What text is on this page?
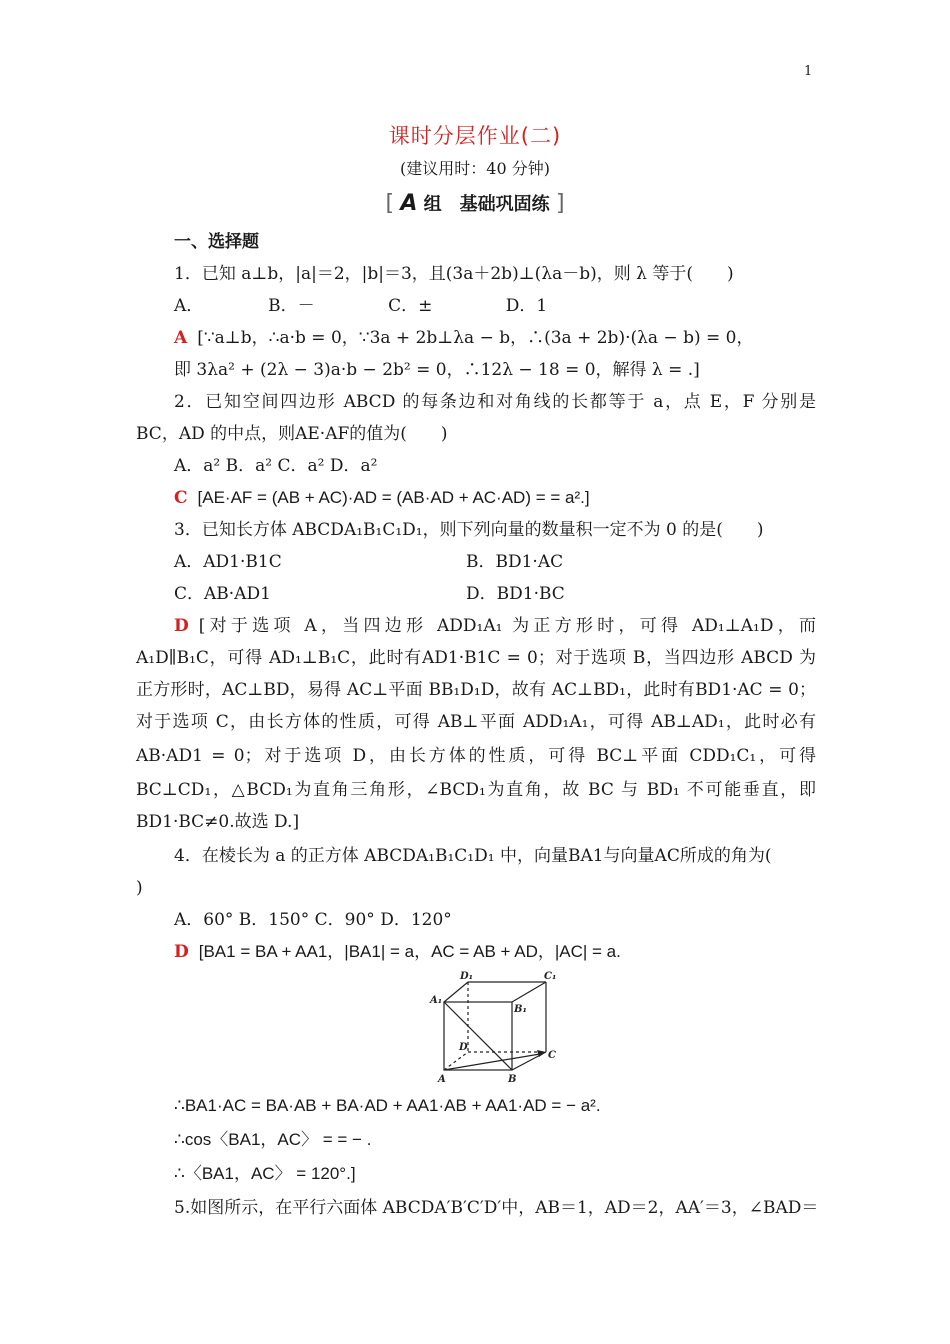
1
课时分层作业(二)
(建议用时：40 分钟)
[ A 组　基础巩固练 ]
一、选择题
1．已知 a⊥b，|a|＝2，|b|＝3，且(3a＋2b)⊥(λa－b)，则 λ 等于(　　)
A．　　　　 B．－　　　　 C．±　　　　 D．1
A [∵a⊥b，∴a·b = 0，∵3a + 2b⊥λa − b，∴(3a + 2b)·(λa − b) = 0，
即 3λa² + (2λ − 3)a·b − 2b² = 0，∴12λ − 18 = 0，解得 λ = .]
2．已知空间四边形 ABCD 的每条边和对角线的长都等于 a，点 E，F 分别是
BC，AD 的中点，则AE·AF的值为(　　)
A．a² B．a² C．a² D．a²
C [AE·AF = (AB + AC)·AD = (AB·AD + AC·AD) = = a².]
3．已知长方体 ABCDA₁B₁C₁D₁，则下列向量的数量积一定不为 0 的是(　　)
A．AD1·B1C	B．BD1·AC
C．AB·AD1	D．BD1·BC
D [对于选项 A，当四边形 ADD₁A₁ 为正方形时，可得 AD₁⊥A₁D，而
A₁D∥B₁C，可得 AD₁⊥B₁C，此时有AD1·B1C = 0；对于选项 B，当四边形 ABCD 为
正方形时，AC⊥BD，易得 AC⊥平面 BB₁D₁D，故有 AC⊥BD₁，此时有BD1·AC = 0；
对于选项 C，由长方体的性质，可得 AB⊥平面 ADD₁A₁，可得 AB⊥AD₁，此时必有
AB·AD1 = 0；对于选项 D，由长方体的性质，可得 BC⊥平面 CDD₁C₁，可得
BC⊥CD₁，△BCD₁为直角三角形，∠BCD₁为直角，故 BC 与 BD₁ 不可能垂直，即
BD1·BC≠0.故选 D.]
4．在棱长为 a 的正方体 ABCDA₁B₁C₁D₁ 中，向量BA1与向量AC所成的角为(
)
A．60° B．150° C．90° D．120°
D [BA1 = BA + AA1，|BA1| = a，AC = AB + AD，|AC| = a.
D₁	C₁
A₁
B₁
D
C
A	B
∴BA1·AC = BA·AB + BA·AD + AA1·AB + AA1·AD = − a².
∴cos〈BA1，AC〉 = = − .
∴〈BA1，AC〉 = 120°.]
5.如图所示，在平行六面体 ABCDA′B′C′D′中，AB＝1，AD＝2，AA′＝3，∠BAD＝
